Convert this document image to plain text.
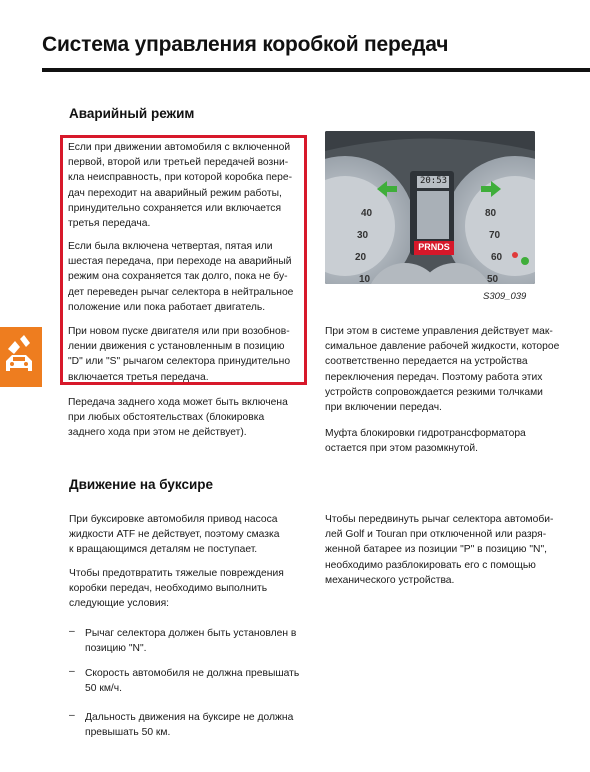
Система управления коробкой передач
Аварийный режим
Если при движении автомобиля с включенной
первой, второй или третьей передачей возни-
кла неисправность, при которой коробка пере-
дач переходит на аварийный режим работы,
принудительно сохраняется или включается
третья передача.
Если была включена четвертая, пятая или
шестая передача, при переходе на аварийный
режим она сохраняется так долго, пока не бу-
дет переведен рычаг селектора в нейтральное
положение или пока работает двигатель.
При новом пуске двигателя или при возобнов-
лении движения с установленным в позицию
"D" или "S" рычагом селектора принудительно
включается третья передача.
Передача заднего хода может быть включена
при любых обстоятельствах (блокировка
заднего хода при этом не действует).
20:53
PRNDS
40
30
20
10
80
70
60
50
S309_039
При этом в системе управления действует мак-
симальное давление рабочей жидкости, которое
соответственно передается на устройства
переключения передач. Поэтому работа этих
устройств сопровождается резкими толчками
при включении передач.
Муфта блокировки гидротрансформатора
остается при этом разомкнутой.
Движение на буксире
При буксировке автомобиля привод насоса
жидкости ATF не действует, поэтому смазка
к вращающимся деталям не поступает.
Чтобы предотвратить тяжелые повреждения
коробки передач, необходимо выполнить
следующие условия:
– Рычаг селектора должен быть установлен в
позицию "N".
– Скорость автомобиля не должна превышать
50 км/ч.
– Дальность движения на буксире не должна
превышать 50 км.
Чтобы передвинуть рычаг селектора автомоби-
лей Golf и Touran при отключенной или разря-
женной батарее из позиции "P" в позицию "N",
необходимо разблокировать его с помощью
механического устройства.
